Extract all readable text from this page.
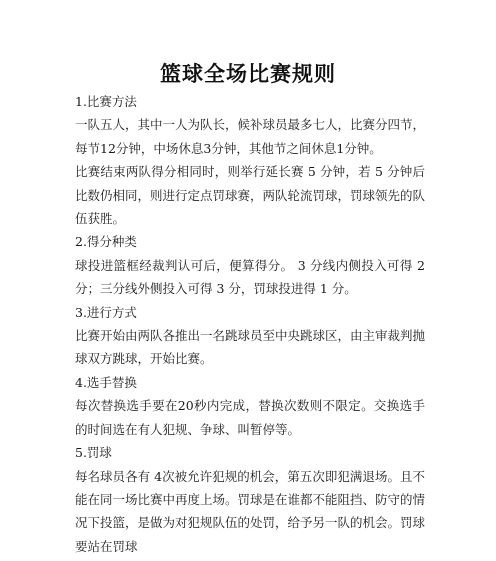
篮球全场比赛规则

1.比赛方法

一队五人，其中一人为队长，候补球员最多七人，比赛分四节，每节12分钟，中场休息3分钟，其他节之间休息1分钟。

比赛结束两队得分相同时，则举行延长赛 5 分钟，若 5 分钟后比数仍相同，则进行定点罚球赛，两队轮流罚球，罚球领先的队伍获胜。

2.得分种类

球投进篮框经裁判认可后，便算得分。 3 分线内侧投入可得 2 分；三分线外侧投入可得 3 分，罚球投进得 1 分。

3.进行方式

比赛开始由两队各推出一名跳球员至中央跳球区，由主审裁判抛球双方跳球，开始比赛。

4.选手替换

每次替换选手要在20秒内完成，替换次数则不限定。交换选手的时间选在有人犯规、争球、叫暂停等。

5.罚球

每名球员各有 4次被允许犯规的机会，第五次即犯满退场。且不能在同一场比赛中再度上场。罚球是在谁都不能阻挡、防守的情况下投篮，是做为对犯规队伍的处罚，给予另一队的机会。罚球要站在罚球
